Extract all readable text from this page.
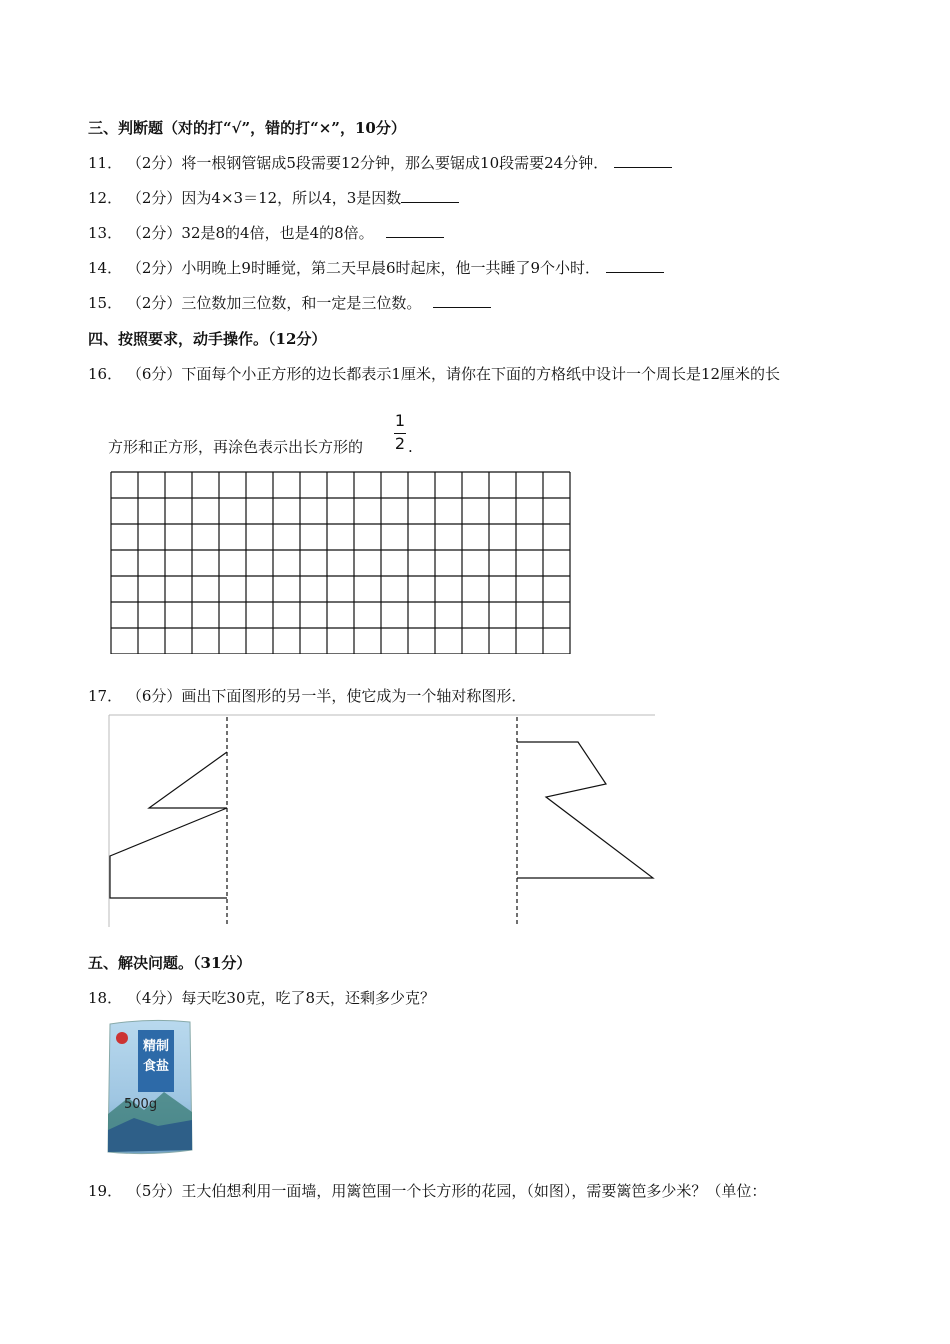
三、判断题（对的打“√”，错的打“×”，10分）
11． （2分）将一根钢管锯成5段需要12分钟，那么要锯成10段需要24分钟．
12． （2分）因为4×3＝12，所以4，3是因数
13． （2分）32是8的4倍，也是4的8倍。
14． （2分）小明晚上9时睡觉，第二天早晨6时起床，他一共睡了9个小时．
15． （2分）三位数加三位数，和一定是三位数。
四、按照要求，动手操作。（12分）
16． （6分）下面每个小正方形的边长都表示1厘米，请你在下面的方格纸中设计一个周长是12厘米的长
方形和正方形，再涂色表示出长方形的
1
2 .
17． （6分）画出下面图形的另一半，使它成为一个轴对称图形．
五、解决问题。（31分）
18． （4分）每天吃30克，吃了8天，还剩多少克？
精制
食盐
500g
19． （5分）王大伯想利用一面墙，用篱笆围一个长方形的花园，（如图），需要篱笆多少米？（单位：
